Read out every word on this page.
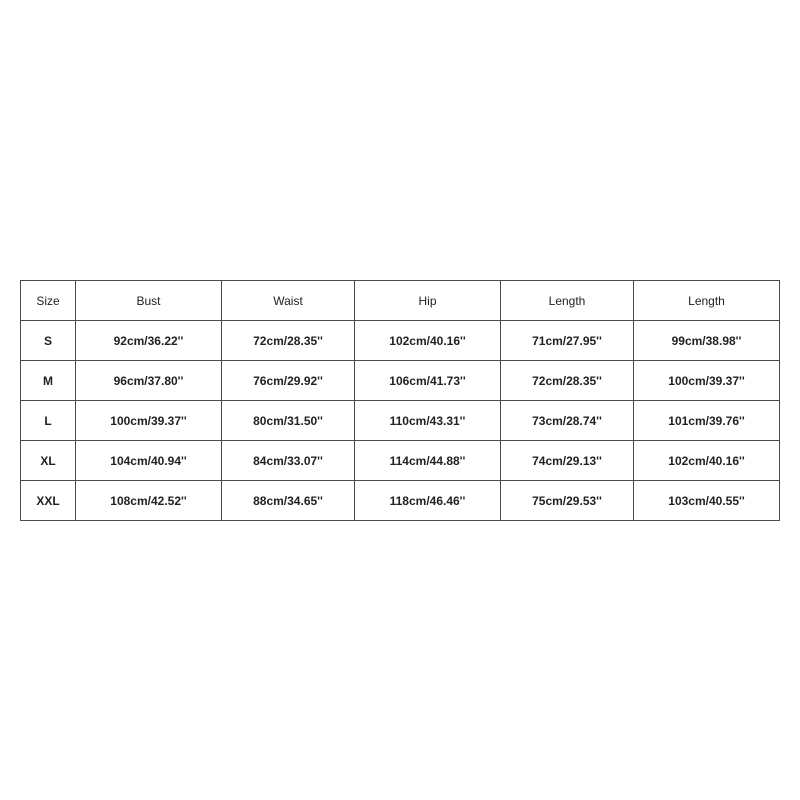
Size	Bust	Waist	Hip	Length	Length
S	92cm/36.22''	72cm/28.35''	102cm/40.16''	71cm/27.95''	99cm/38.98''
M	96cm/37.80''	76cm/29.92''	106cm/41.73''	72cm/28.35''	100cm/39.37''
L	100cm/39.37''	80cm/31.50''	110cm/43.31''	73cm/28.74''	101cm/39.76''
XL	104cm/40.94''	84cm/33.07''	114cm/44.88''	74cm/29.13''	102cm/40.16''
XXL	108cm/42.52''	88cm/34.65''	118cm/46.46''	75cm/29.53''	103cm/40.55''
